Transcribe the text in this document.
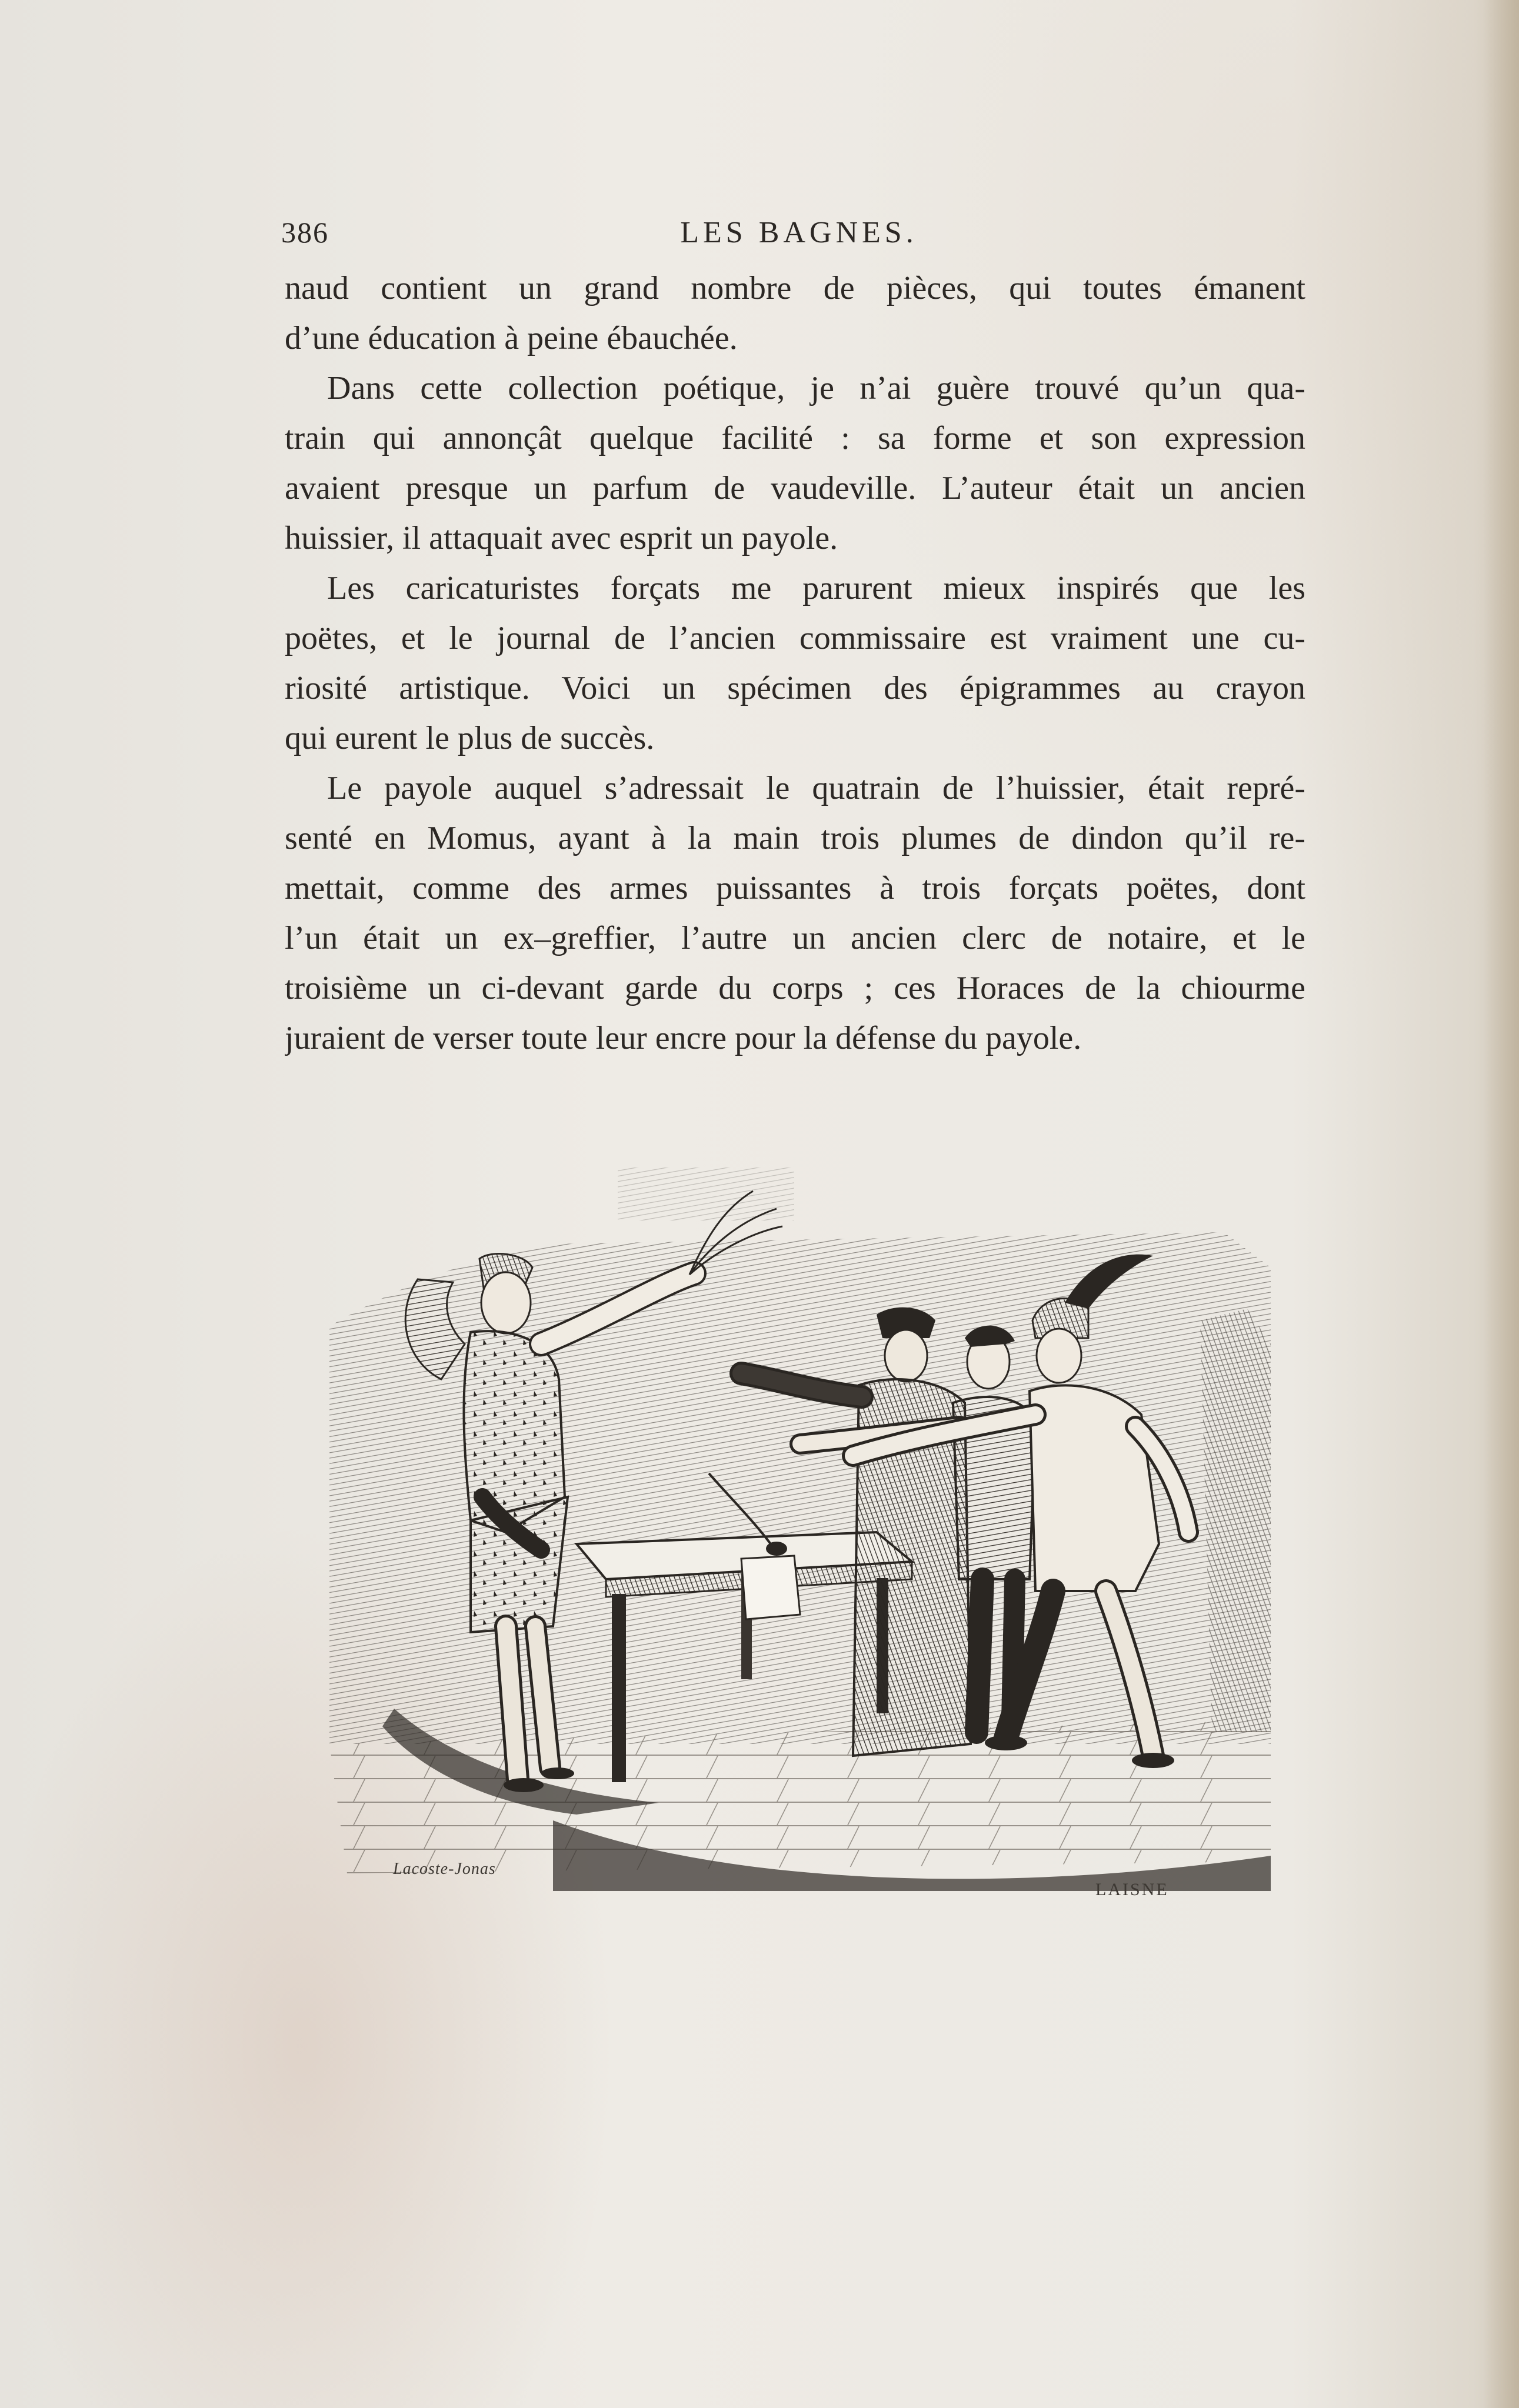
386	LES BAGNES.
naud contient un grand nombre de pièces, qui toutes émanent
d’une éducation à peine ébauchée.
Dans cette collection poétique, je n’ai guère trouvé qu’un qua-
train qui annonçât quelque facilité : sa forme et son expression
avaient presque un parfum de vaudeville. L’auteur était un ancien
huissier, il attaquait avec esprit un payole.
Les caricaturistes forçats me parurent mieux inspirés que les
poëtes, et le journal de l’ancien commissaire est vraiment une cu-
riosité artistique. Voici un spécimen des épigrammes au crayon
qui eurent le plus de succès.
Le payole auquel s’adressait le quatrain de l’huissier, était repré-
senté en Momus, ayant à la main trois plumes de dindon qu’il re-
mettait, comme des armes puissantes à trois forçats poëtes, dont
l’un était un ex–greffier, l’autre un ancien clerc de notaire, et le
troisième un ci-devant garde du corps ; ces Horaces de la chiourme
juraient de verser toute leur encre pour la défense du payole.
Lacoste-Jonas
LAISNE
